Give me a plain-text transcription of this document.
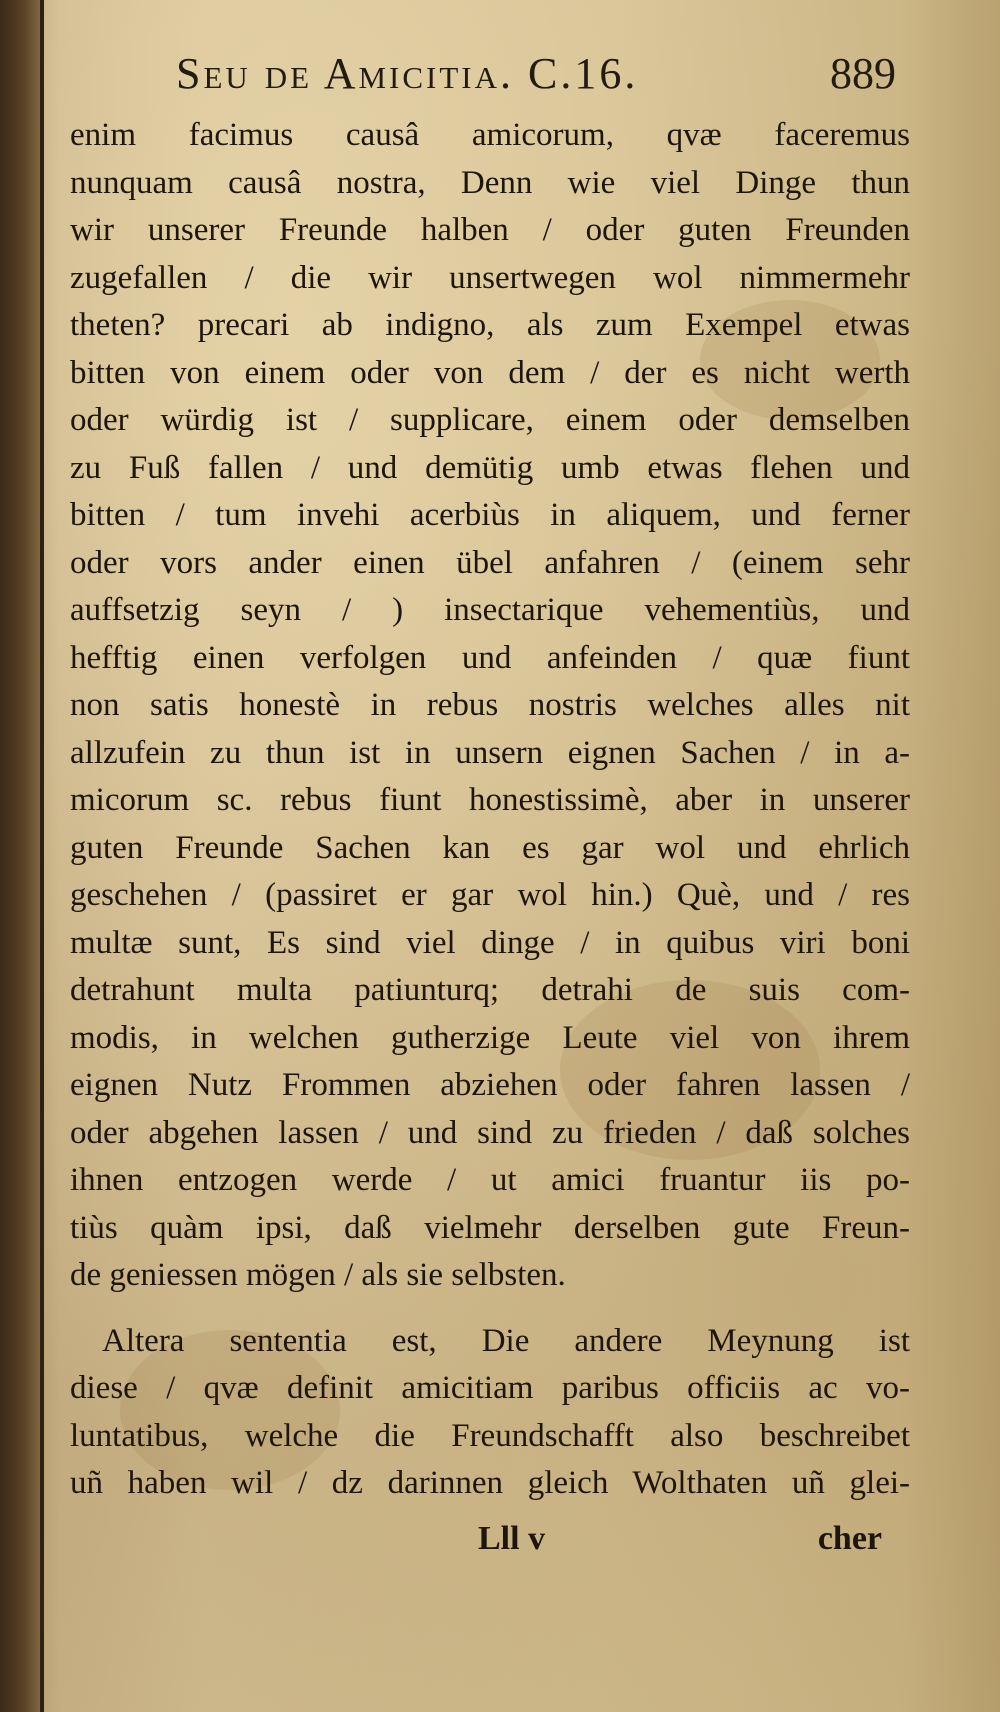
Seu de Amicitia. C.16.	889
enim facimus causâ amicorum, qvæ faceremus
nunquam causâ nostra, Denn wie viel Dinge thun
wir unserer Freunde halben / oder guten Freunden
zugefallen / die wir unsertwegen wol nimmermehr
theten? precari ab indigno, als zum Exempel etwas
bitten von einem oder von dem / der es nicht werth
oder würdig ist / supplicare, einem oder demselben
zu Fuß fallen / und demütig umb etwas flehen und
bitten / tum invehi acerbiùs in aliquem, und ferner
oder vors ander einen übel anfahren / (einem sehr
auffsetzig seyn / ) insectarique vehementiùs, und
hefftig einen verfolgen und anfeinden / quæ fiunt
non satis honestè in rebus nostris welches alles nit
allzufein zu thun ist in unsern eignen Sachen / in a-
micorum sc. rebus fiunt honestissimè, aber in unserer
guten Freunde Sachen kan es gar wol und ehrlich
geschehen / (passiret er gar wol hin.) Què, und / res
multæ sunt, Es sind viel dinge / in quibus viri boni
detrahunt multa patiunturq; detrahi de suis com-
modis, in welchen gutherzige Leute viel von ihrem
eignen Nutz Frommen abziehen oder fahren lassen /
oder abgehen lassen / und sind zu frieden / daß solches
ihnen entzogen werde / ut amici fruantur iis po-
tiùs quàm ipsi, daß vielmehr derselben gute Freun-
de geniessen mögen / als sie selbsten.
Altera sententia est, Die andere Meynung ist
diese / qvæ definit amicitiam paribus officiis ac vo-
luntatibus, welche die Freundschafft also beschreibet
uñ haben wil / dz darinnen gleich Wolthaten uñ glei-
Lll v	cher
